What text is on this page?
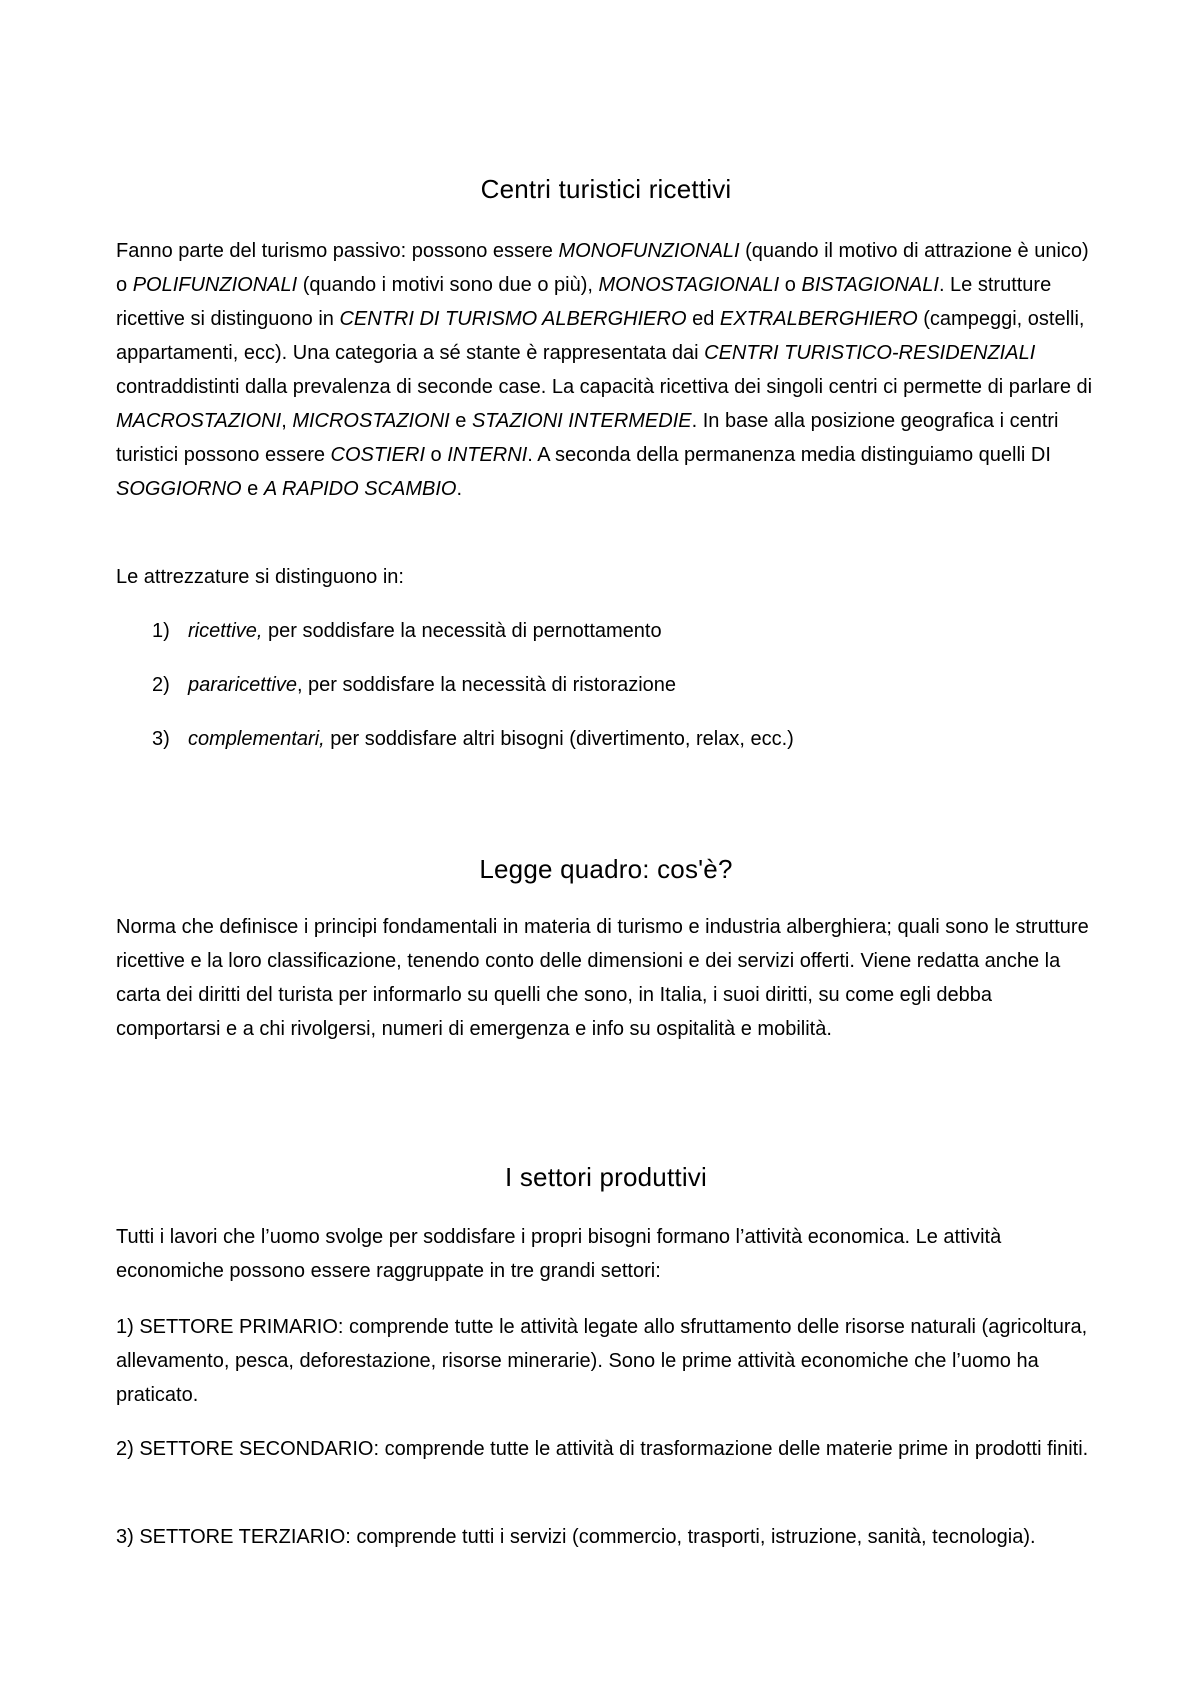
Centri turistici ricettivi

Fanno parte del turismo passivo: possono essere MONOFUNZIONALI (quando il motivo di attrazione è unico) o POLIFUNZIONALI (quando i motivi sono due o più), MONOSTAGIONALI o BISTAGIONALI. Le strutture ricettive si distinguono in CENTRI DI TURISMO ALBERGHIERO ed EXTRALBERGHIERO (campeggi, ostelli, appartamenti, ecc). Una categoria a sé stante è rappresentata dai CENTRI TURISTICO-RESIDENZIALI contraddistinti dalla prevalenza di seconde case. La capacità ricettiva dei singoli centri ci permette di parlare di MACROSTAZIONI, MICROSTAZIONI e STAZIONI INTERMEDIE. In base alla posizione geografica i centri turistici possono essere COSTIERI o INTERNI. A seconda della permanenza media distinguiamo quelli DI SOGGIORNO e A RAPIDO SCAMBIO.

Le attrezzature si distinguono in:

1) ricettive, per soddisfare la necessità di pernottamento
2) pararicettive, per soddisfare la necessità di ristorazione
3) complementari, per soddisfare altri bisogni (divertimento, relax, ecc.)
Legge quadro: cos'è?

Norma che definisce i principi fondamentali in materia di turismo e industria alberghiera; quali sono le strutture ricettive e la loro classificazione, tenendo conto delle dimensioni e dei servizi offerti. Viene redatta anche la carta dei diritti del turista per informarlo su quelli che sono, in Italia, i suoi diritti, su come egli debba comportarsi e a chi rivolgersi, numeri di emergenza e info su ospitalità e mobilità.

I settori produttivi

Tutti i lavori che l’uomo svolge per soddisfare i propri bisogni formano l’attività economica. Le attività economiche possono essere raggruppate in tre grandi settori:

1) SETTORE PRIMARIO: comprende tutte le attività legate allo sfruttamento delle risorse naturali (agricoltura, allevamento, pesca, deforestazione, risorse minerarie). Sono le prime attività economiche che l’uomo ha praticato.

2) SETTORE SECONDARIO: comprende tutte le attività di trasformazione delle materie prime in prodotti finiti.

3) SETTORE TERZIARIO: comprende tutti i servizi (commercio, trasporti, istruzione, sanità, tecnologia).
